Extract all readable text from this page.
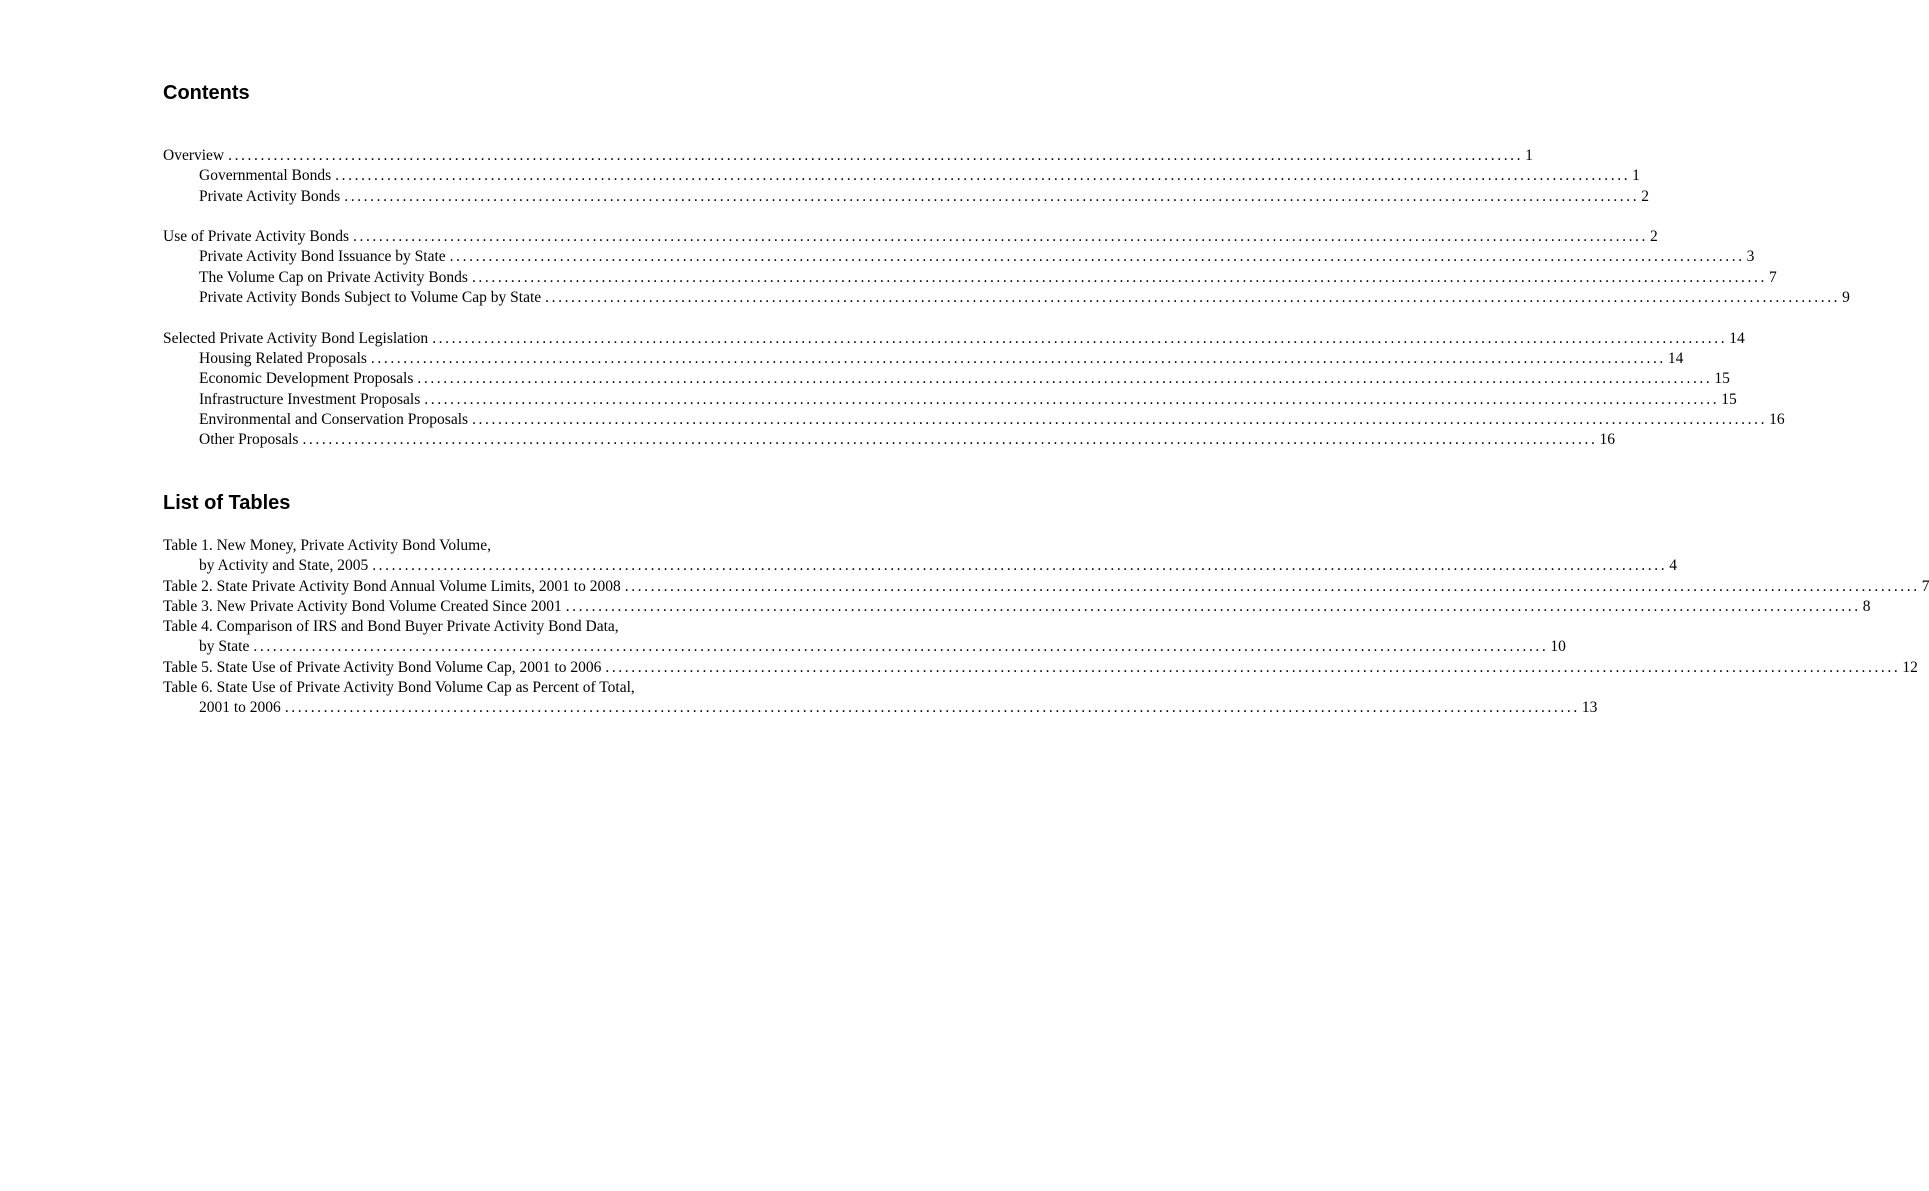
Contents
Overview ........................................................................................................................................................................................................ 1
Governmental Bonds ........................................................................................................................................................................................................ 1
Private Activity Bonds ........................................................................................................................................................................................................ 2
Use of Private Activity Bonds ........................................................................................................................................................................................................ 2
Private Activity Bond Issuance by State ........................................................................................................................................................................................................ 3
The Volume Cap on Private Activity Bonds ........................................................................................................................................................................................................ 7
Private Activity Bonds Subject to Volume Cap by State ........................................................................................................................................................................................................ 9
Selected Private Activity Bond Legislation ........................................................................................................................................................................................................ 14
Housing Related Proposals ........................................................................................................................................................................................................ 14
Economic Development Proposals ........................................................................................................................................................................................................ 15
Infrastructure Investment Proposals ........................................................................................................................................................................................................ 15
Environmental and Conservation Proposals ........................................................................................................................................................................................................ 16
Other Proposals ........................................................................................................................................................................................................ 16
List of Tables
Table 1. New Money, Private Activity Bond Volume,
by Activity and State, 2005 ........................................................................................................................................................................................................ 4
Table 2. State Private Activity Bond Annual Volume Limits, 2001 to 2008 ........................................................................................................................................................................................................ 7
Table 3. New Private Activity Bond Volume Created Since 2001 ........................................................................................................................................................................................................ 8
Table 4. Comparison of IRS and Bond Buyer Private Activity Bond Data,
by State ........................................................................................................................................................................................................ 10
Table 5. State Use of Private Activity Bond Volume Cap, 2001 to 2006 ........................................................................................................................................................................................................ 12
Table 6. State Use of Private Activity Bond Volume Cap as Percent of Total,
2001 to 2006 ........................................................................................................................................................................................................ 13
